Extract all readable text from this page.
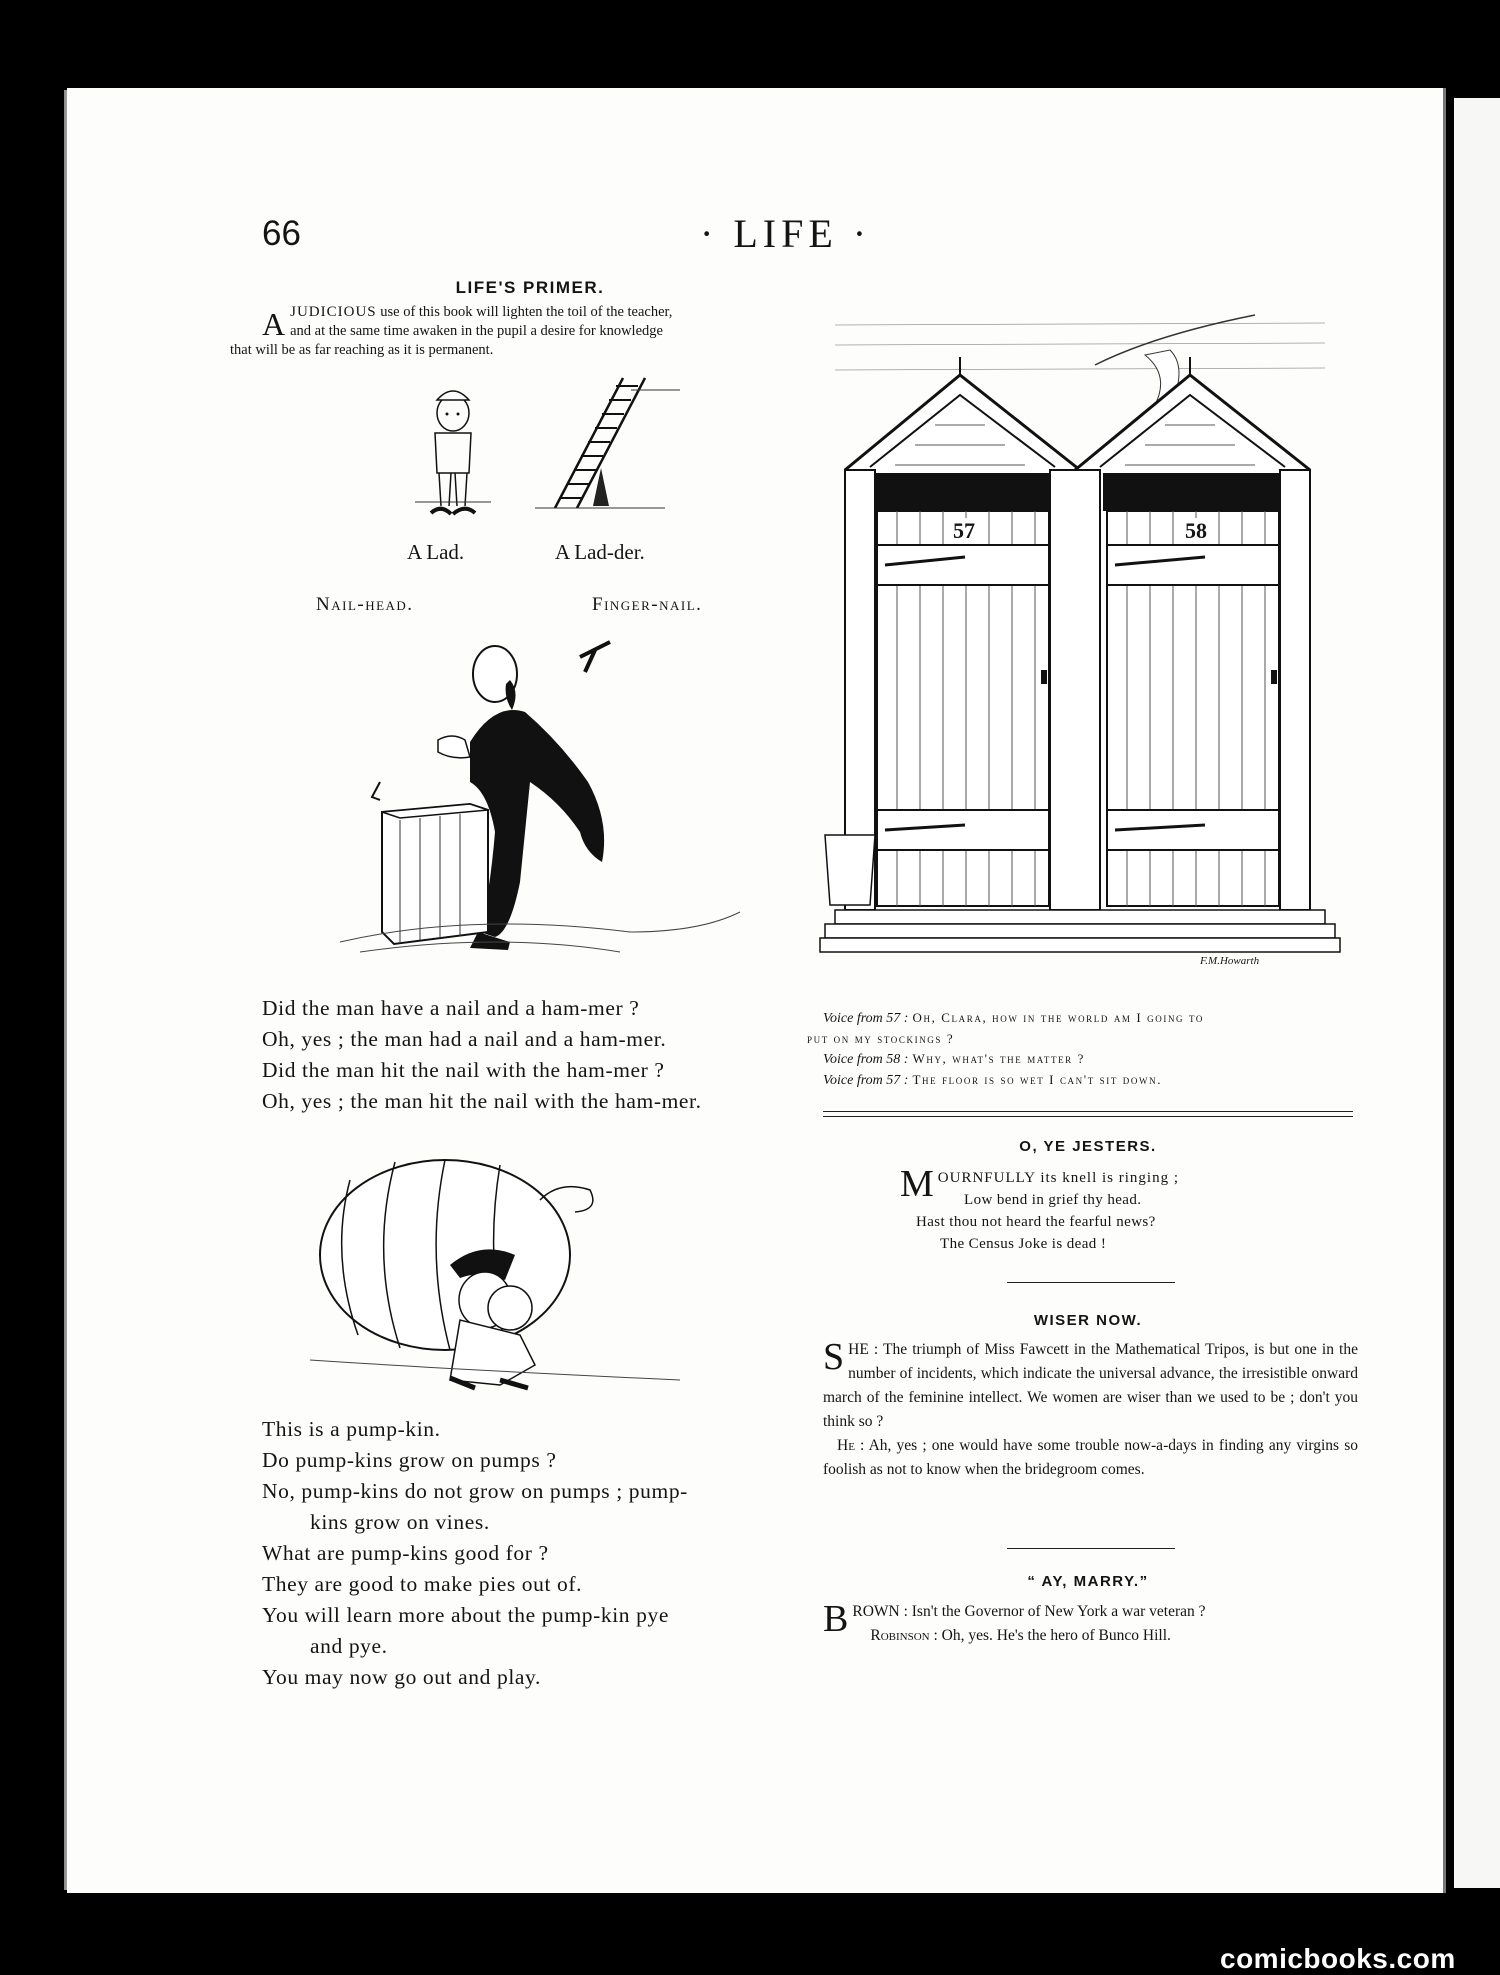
66	· LIFE ·
LIFE'S PRIMER.
A JUDICIOUS use of this book will lighten the toil of the teacher,
and at the same time awaken in the pupil a desire for knowledge
that will be as far reaching as it is permanent.
A Lad.	A Lad-der.
Nail-head.	Finger-nail.

Did the man have a nail and a ham-mer ?

Oh, yes ; the man had a nail and a ham-mer.

Did the man hit the nail with the ham-mer ?

Oh, yes ; the man hit the nail with the ham-mer.

This is a pump-kin.

Do pump-kins grow on pumps ?

No, pump-kins do not grow on pumps ; pump-

kins grow on vines.

What are pump-kins good for ?

They are good to make pies out of.

You will learn more about the pump-kin pye

and pye.

You may now go out and play.

57	58
F.M.Howarth
Voice from 57 : Oh, Clara, how in the world am I going to
put on my stockings ?
Voice from 58 : Why, what's the matter ?
Voice from 57 : The floor is so wet I can't sit down.
O, YE JESTERS.
M OURNFULLY its knell is ringing ;

Low bend in grief thy head.

Hast thou not heard the fearful news?

The Census Joke is dead !

WISER NOW.

S HE : The triumph of Miss Fawcett in the Mathematical Tripos, is but one in the number of incidents, which indicate the universal advance, the irresistible onward march of the feminine intellect. We women are wiser than we used to be ; don't you think so ?

He : Ah, yes ; one would have some trouble now-a-days in finding any virgins so foolish as not to know when the bridegroom comes.

“ AY, MARRY.”

B ROWN : Isn't the Governor of New York a war veteran ?

Robinson : Oh, yes. He's the hero of Bunco Hill.

comicbooks.com
